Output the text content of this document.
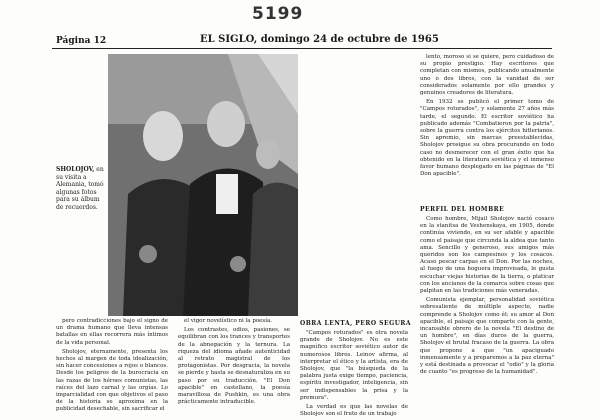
5199
Página 12	EL SIGLO, domingo 24 de octubre de 1965
SHOLOJOV, en su visita a Alemania, tomó algunas fotos para su álbum de recuerdos.

pero contradicciones bajo el signo de un drama humano que lleva intensas batallas en ellas recorrera más íntimos de la vida personal.

Sholojov, eternamente, presenta los hechos al margen de toda idealización, sin hacer concesiones a rojos o blancos. Desde los peligros de la burocracia en las razas de los héroes comunistas, las raíces del lazo carnal y las orgías. Lo imparcialidad con que objetivos el paso de la historia se aproxima en la publicidad desechable, sin sacrificar el

el vigor novelístico ni la poesía.

Los contrastes, odios, pasiones, se equilibran con los trances y transportes de la abnegación y la ternura. La riqueza del idioma añade autenticidad al retrato magistral de los protagonistas. Por desgracia, la novela se pierde y hasta se desnaturaliza en su paso por su traducción. "El Don apacible" en castellano, la poesía maravillosa de Pushkin, es una obra prácticamente intraducible.

OBRA LENTA, PERO SEGURA

"Campos roturados" es otra novela grande de Sholojov. No es este magnífico escritor soviético autor de numerosos libros. Leinov afirma, al interpretar el ético y la artista, era de Sholojov, que "la búsqueda de la palabra justa exige tiempo, paciencia, espíritu investigador, inteligencia, sin ser indispensables la prisa y la premura".

La verdad es que las novelas de Sholojov son el fruto de un trabajo

lento, moroso si se quiere, pero cuidadoso de su propio prestigio. Hay escritores que completan con mismos, publicando anualmente uno o dos libros, con la vanidad de ser considerados solamente por ello grandes y genuinos creadores de literatura.

En 1932 se publicó el primer tomo de "Campos roturados", y solamente 27 años más tarde, el segundo. El escritor soviético ha publicado además "Combatieron por la patria", sobre la guerra contra los ejércitos hitlerianos. Sin apremio, sin marcas preestablecidas, Sholojov prosigue su obra procurando en todo caso no desmerecer con el gran éxito que ha obtenido en la literatura soviética y el inmenso favor humano desplegado en las páginas de "El Don apacible".

PERFIL DEL HOMBRE

Como hombre, Mijail Sholojov nació cosaco en la stanitsa de Veshenskaya, en 1905, donde continúa viviendo, en su ser afable y apacible como el paisaje que circunda la aldea que tanto ama. Sencillo y generoso, sus amigos más queridos son los campesinos y los cosacos. Acaso pescar carpas en el Don. Por las noches, al fuego de una hoguera improvisada, le gusta escuchar viejas historias de la tierra, o platicar con los ancianos de la comarca sobre cosas que palpitan en las tradiciones más veneradas.

Comunista ejemplar, personalidad soviética sobresaliente de múltiple aspecto, nadie comprende a Sholojov como él: su amor al Don apacible, el paisaje que comparte con la gente, incansable obrero de la novela "El destino de un hombre", en días duros de la guerra, Sholojov el brutal fracaso de la guerra. La obra que propone a que "un apaciguado inmensamente y a preparemos a la paz eterna" y está destinada a provocar el "odio" y la gloria de cuanto "es progreso de la humanidad".
